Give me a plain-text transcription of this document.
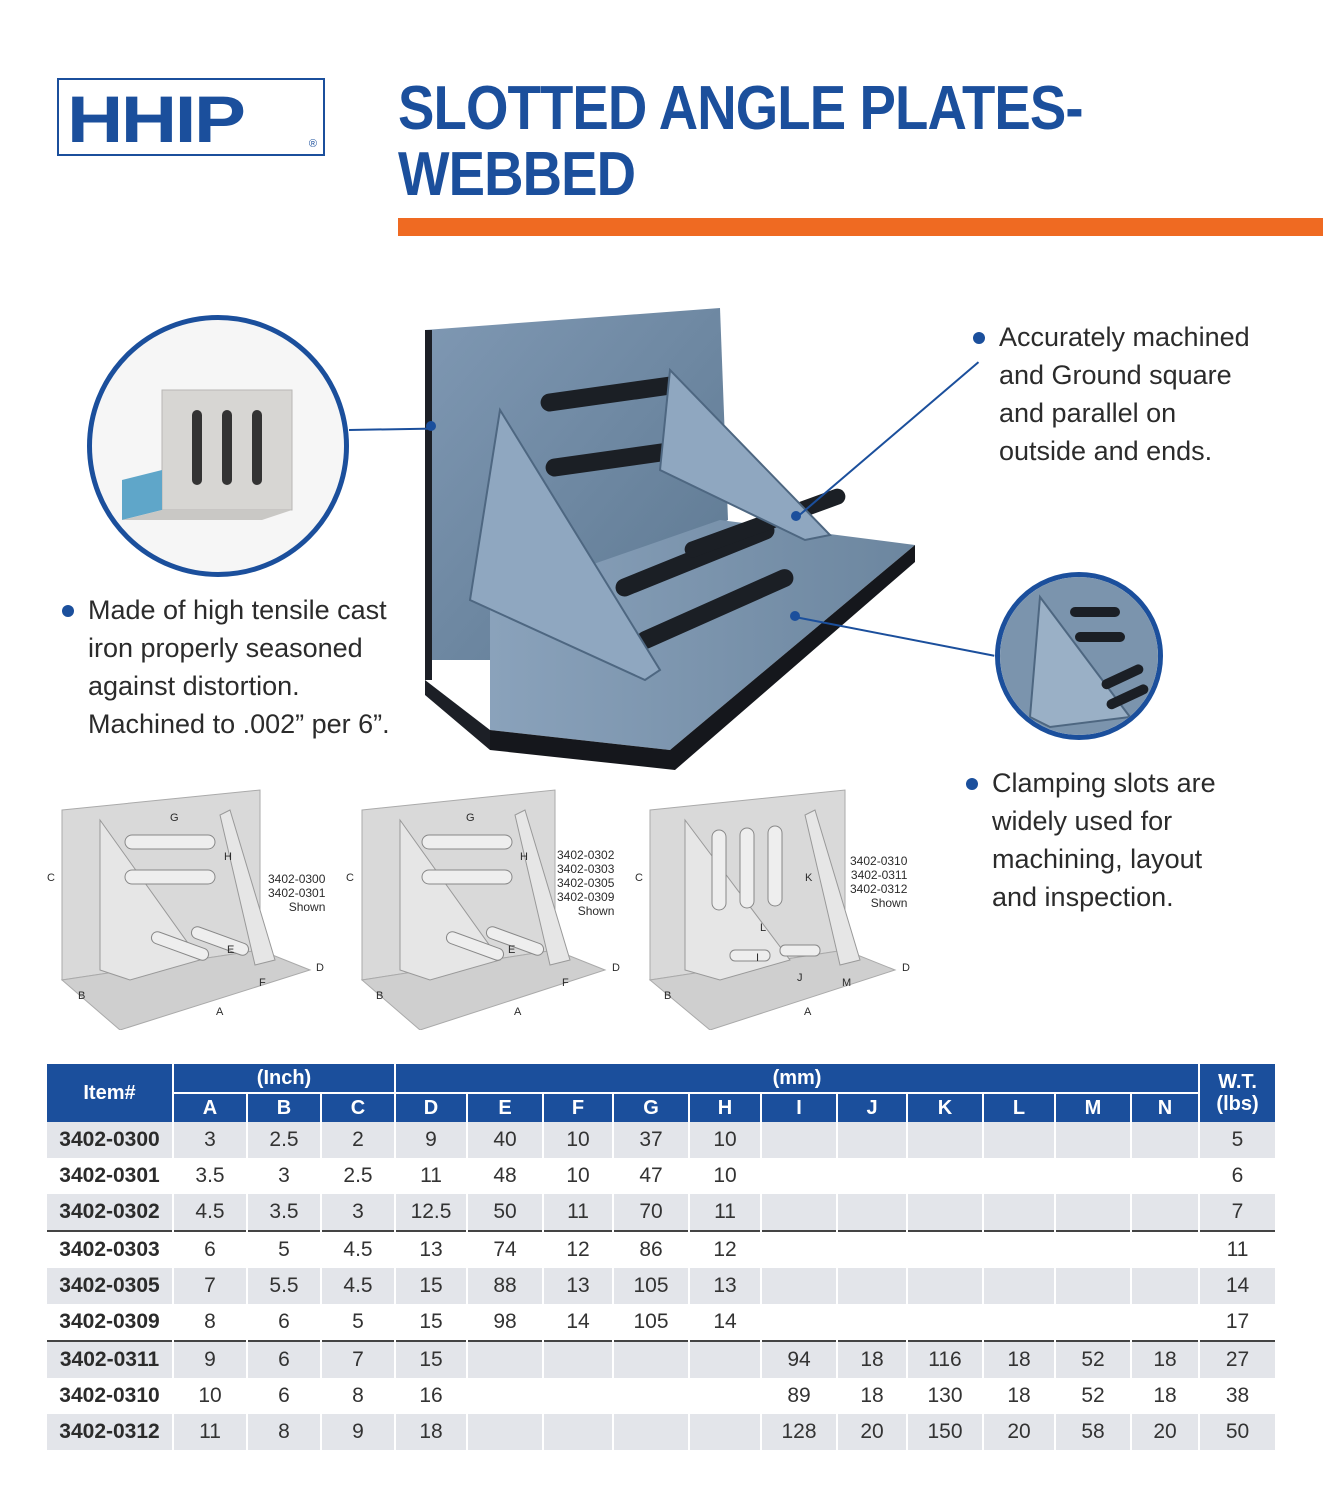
HHIP	®
SLOTTED ANGLE PLATES-
WEBBED

Accurately machined

and Ground square

and parallel on

outside and ends.

Made of high tensile cast

iron properly seasoned

against distortion.

Machined to .002” per 6”.

Clamping slots are

widely used for

machining, layout

and inspection.

G
H
C
D
E
F
B
A
3402-0300
3402-0301
Shown
G
H
C
D
E
F
B
A
3402-0302
3402-0303
3402-0305
3402-0309
Shown
K
C
L
I
J	M
D
B
A
3402-0310
3402-0311
3402-0312
Shown
Item#	(Inch)			(mm)											W.T.
(lbs)

	A	B	C	D	E	F	G	H	I	J	K	L	M	N	
3402-0300	3	2.5	2	9	40	10	37	10							5
3402-0301	3.5	3	2.5	11	48	10	47	10							6
3402-0302	4.5	3.5	3	12.5	50	11	70	11							7
3402-0303	6	5	4.5	13	74	12	86	12							11
3402-0305	7	5.5	4.5	15	88	13	105	13							14
3402-0309	8	6	5	15	98	14	105	14							17
3402-0311	9	6	7	15					94	18	116	18	52	18	27
3402-0310	10	6	8	16					89	18	130	18	52	18	38
3402-0312	11	8	9	18					128	20	150	20	58	20	50
